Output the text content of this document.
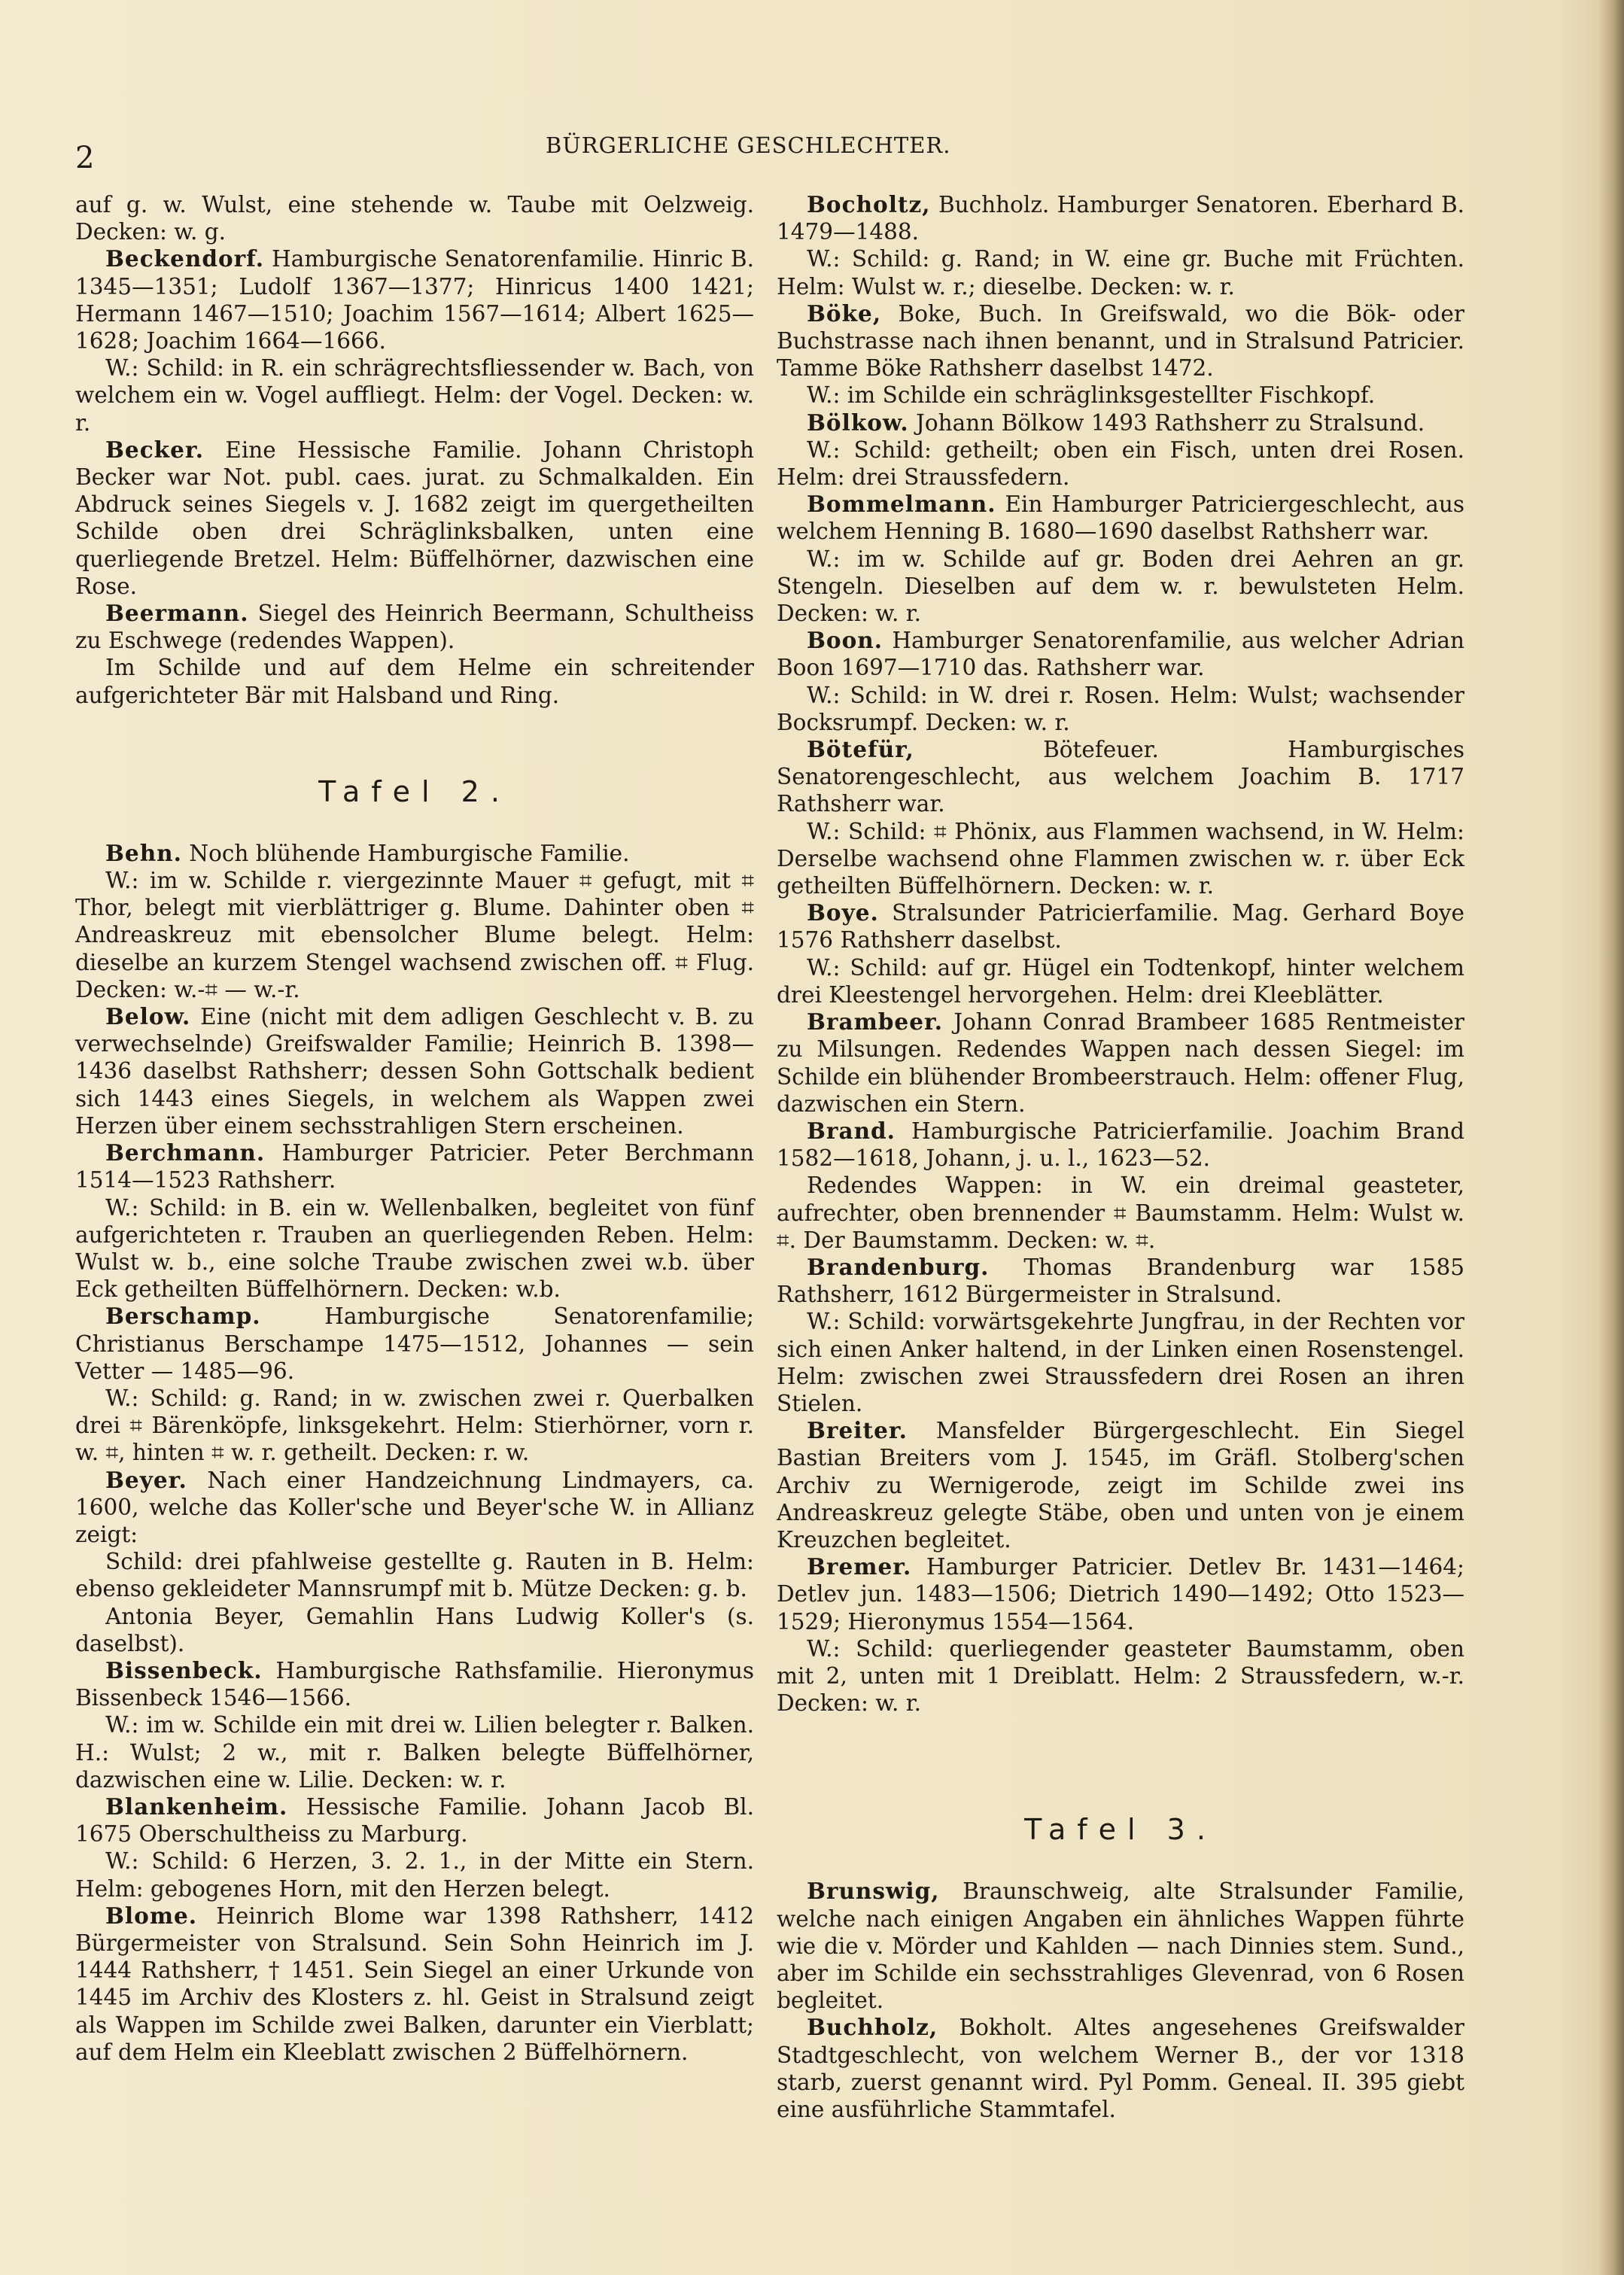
2	BÜRGERLICHE GESCHLECHTER.

auf g. w. Wulst, eine stehende w. Taube mit Oelzweig. Decken: w. g.

Beckendorf. Hamburgische Senatorenfamilie. Hinric B. 1345—1351; Ludolf 1367—1377; Hinricus 1400 1421; Hermann 1467—1510; Joachim 1567—1614; Albert 1625—1628; Joachim 1664—1666.

W.: Schild: in R. ein schrägrechtsfliessender w. Bach, von welchem ein w. Vogel auffliegt. Helm: der Vogel. Decken: w. r.

Becker. Eine Hessische Familie. Johann Christoph Becker war Not. publ. caes. jurat. zu Schmalkalden. Ein Abdruck seines Siegels v. J. 1682 zeigt im quergetheilten Schilde oben drei Schräglinksbalken, unten eine querliegende Bretzel. Helm: Büffelhörner, dazwischen eine Rose.

Beermann. Siegel des Heinrich Beermann, Schultheiss zu Eschwege (redendes Wappen).

Im Schilde und auf dem Helme ein schreitender aufgerichteter Bär mit Halsband und Ring.

Tafel 2.

Behn. Noch blühende Hamburgische Familie.

W.: im w. Schilde r. viergezinnte Mauer ⌗ gefugt, mit ⌗ Thor, belegt mit vierblättriger g. Blume. Dahinter oben ⌗ Andreaskreuz mit ebensolcher Blume belegt. Helm: dieselbe an kurzem Stengel wachsend zwischen off. ⌗ Flug. Decken: w.-⌗ — w.-r.

Below. Eine (nicht mit dem adligen Geschlecht v. B. zu verwechselnde) Greifswalder Familie; Heinrich B. 1398—1436 daselbst Rathsherr; dessen Sohn Gottschalk bedient sich 1443 eines Siegels, in welchem als Wappen zwei Herzen über einem sechsstrahligen Stern erscheinen.

Berchmann. Hamburger Patricier. Peter Berchmann 1514—1523 Rathsherr.

W.: Schild: in B. ein w. Wellenbalken, begleitet von fünf aufgerichteten r. Trauben an querliegenden Reben. Helm: Wulst w. b., eine solche Traube zwischen zwei w.b. über Eck getheilten Büffelhörnern. Decken: w.b.

Berschamp.	Hamburgische Senatorenfamilie; Christianus Berschampe 1475—1512, Johannes — sein Vetter — 1485—96.

W.: Schild: g. Rand; in w. zwischen zwei r. Querbalken drei ⌗ Bärenköpfe, linksgekehrt. Helm: Stierhörner, vorn r. w. ⌗, hinten ⌗ w. r. getheilt. Decken: r. w.

Beyer. Nach einer Handzeichnung Lindmayers, ca. 1600, welche das Koller'sche und Beyer'sche W. in Allianz zeigt:

Schild: drei pfahlweise gestellte g. Rauten in B. Helm: ebenso gekleideter Mannsrumpf mit b. Mütze Decken: g. b.

Antonia Beyer, Gemahlin Hans Ludwig Koller's (s. daselbst).

Bissenbeck. Hamburgische Rathsfamilie. Hieronymus Bissenbeck 1546—1566.

W.: im w. Schilde ein mit drei w. Lilien belegter r. Balken. H.: Wulst; 2 w., mit r. Balken belegte Büffelhörner, dazwischen eine w. Lilie. Decken: w. r.

Blankenheim. Hessische Familie. Johann Jacob Bl. 1675 Oberschultheiss zu Marburg.

W.: Schild: 6 Herzen, 3. 2. 1., in der Mitte ein Stern. Helm: gebogenes Horn, mit den Herzen belegt.

Blome. Heinrich Blome war 1398 Rathsherr, 1412 Bürgermeister von Stralsund. Sein Sohn Heinrich im J. 1444 Rathsherr, † 1451. Sein Siegel an einer Urkunde von 1445 im Archiv des Klosters z. hl. Geist in Stralsund zeigt als Wappen im Schilde zwei Balken, darunter ein Vierblatt; auf dem Helm ein Kleeblatt zwischen 2 Büffelhörnern.

Bocholtz, Buchholz. Hamburger Senatoren. Eberhard B. 1479—1488.

W.: Schild: g. Rand; in W. eine gr. Buche mit Früchten. Helm: Wulst w. r.; dieselbe. Decken: w. r.

Böke, Boke, Buch. In Greifswald, wo die Bök- oder Buchstrasse nach ihnen benannt, und in Stralsund Patricier. Tamme Böke Rathsherr daselbst 1472.

W.: im Schilde ein schräglinksgestellter Fischkopf.

Bölkow. Johann Bölkow 1493 Rathsherr zu Stralsund.

W.: Schild: getheilt; oben ein Fisch, unten drei Rosen. Helm: drei Straussfedern.

Bommelmann. Ein Hamburger Patriciergeschlecht, aus welchem Henning B. 1680—1690 daselbst Rathsherr war.

W.: im w. Schilde auf gr. Boden drei Aehren an gr. Stengeln. Dieselben auf dem w. r. bewulsteten Helm. Decken: w. r.

Boon. Hamburger Senatorenfamilie, aus welcher Adrian Boon 1697—1710 das. Rathsherr war.

W.: Schild: in W. drei r. Rosen. Helm: Wulst; wachsender Bocksrumpf. Decken: w. r.

Bötefür,	Bötefeuer. Hamburgisches Senatorengeschlecht, aus welchem Joachim B. 1717 Rathsherr war.

W.: Schild: ⌗ Phönix, aus Flammen wachsend, in W. Helm: Derselbe wachsend ohne Flammen zwischen w. r. über Eck getheilten Büffelhörnern. Decken: w. r.

Boye. Stralsunder Patricierfamilie. Mag. Gerhard Boye 1576 Rathsherr daselbst.

W.: Schild: auf gr. Hügel ein Todtenkopf, hinter welchem drei Kleestengel hervorgehen. Helm: drei Kleeblätter.

Brambeer. Johann Conrad Brambeer 1685 Rentmeister zu Milsungen. Redendes Wappen nach dessen Siegel: im Schilde ein blühender Brombeerstrauch. Helm: offener Flug, dazwischen ein Stern.

Brand. Hamburgische Patricierfamilie. Joachim Brand 1582—1618, Johann, j. u. l., 1623—52.

Redendes Wappen: in W. ein dreimal geasteter, aufrechter, oben brennender ⌗ Baumstamm. Helm: Wulst w. ⌗. Der Baumstamm. Decken: w. ⌗.

Brandenburg. Thomas Brandenburg war 1585 Rathsherr, 1612 Bürgermeister in Stralsund.

W.: Schild: vorwärtsgekehrte Jungfrau, in der Rechten vor sich einen Anker haltend, in der Linken einen Rosenstengel. Helm: zwischen zwei Straussfedern drei Rosen an ihren Stielen.

Breiter. Mansfelder Bürgergeschlecht. Ein Siegel Bastian Breiters vom J. 1545, im Gräfl. Stolberg'schen Archiv zu Wernigerode, zeigt im Schilde zwei ins Andreaskreuz gelegte Stäbe, oben und unten von je einem Kreuzchen begleitet.

Bremer. Hamburger Patricier. Detlev Br. 1431—1464; Detlev jun. 1483—1506; Dietrich 1490—1492; Otto 1523—1529; Hieronymus 1554—1564.

W.: Schild: querliegender geasteter Baumstamm, oben mit 2, unten mit 1 Dreiblatt. Helm: 2 Straussfedern, w.-r. Decken: w. r.

Tafel 3.

Brunswig, Braunschweig, alte Stralsunder Familie, welche nach einigen Angaben ein ähnliches Wappen führte wie die v. Mörder und Kahlden — nach Dinnies stem. Sund., aber im Schilde ein sechsstrahliges Glevenrad, von 6 Rosen begleitet.

Buchholz, Bokholt. Altes angesehenes Greifswalder Stadtgeschlecht, von welchem Werner B., der vor 1318 starb, zuerst genannt wird. Pyl Pomm. Geneal. II. 395 giebt eine ausführliche Stammtafel.
